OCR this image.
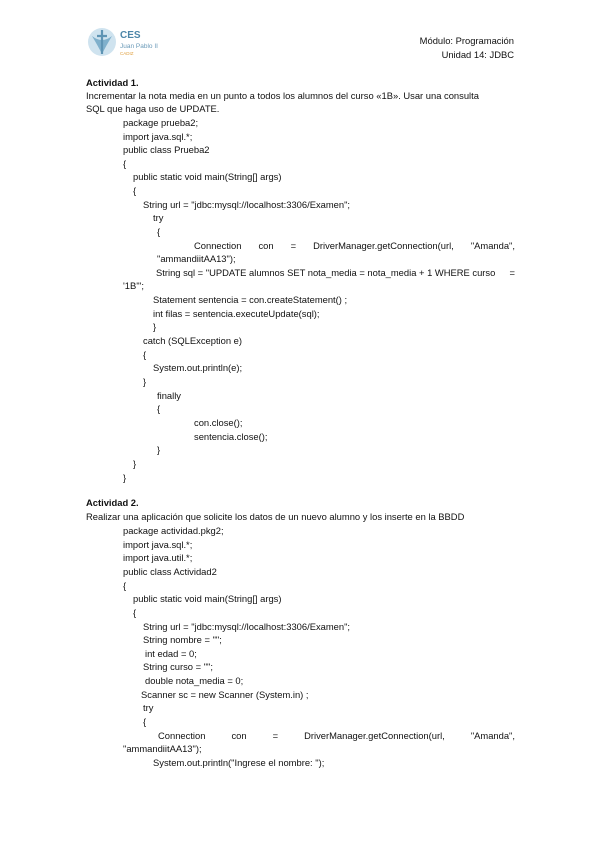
CES
Juan Pablo II
CADIZ
Módulo: Programación
Unidad 14: JDBC
Actividad 1.
Incrementar la nota media en un punto a todos los alumnos del curso «1B». Usar una consulta
SQL que haga uso de UPDATE.
package prueba2;
import java.sql.*;
public class Prueba2
{
public static void main(String[] args)
{
String url = "jdbc:mysql://localhost:3306/Examen";
try
{
Connection con = DriverManager.getConnection(url, "Amanda",
"ammandiitAA13");
String sql = "UPDATE alumnos SET nota_media = nota_media + 1 WHERE curso =
'1B'";
Statement sentencia = con.createStatement() ;
int filas = sentencia.executeUpdate(sql);
}
catch (SQLException e)
{
System.out.println(e);
}
finally
{
con.close();
sentencia.close();
}
}
}
Actividad 2.
Realizar una aplicación que solicite los datos de un nuevo alumno y los inserte en la BBDD
package actividad.pkg2;
import java.sql.*;
import java.util.*;
public class Actividad2
{
public static void main(String[] args)
{
String url = "jdbc:mysql://localhost:3306/Examen";
String nombre = "";
int edad = 0;
String curso = "";
double nota_media = 0;
Scanner sc = new Scanner (System.in) ;
try
{
Connection	con	=	DriverManager.getConnection(url,	"Amanda",
"ammandiitAA13");
System.out.println("Ingrese el nombre: ");
